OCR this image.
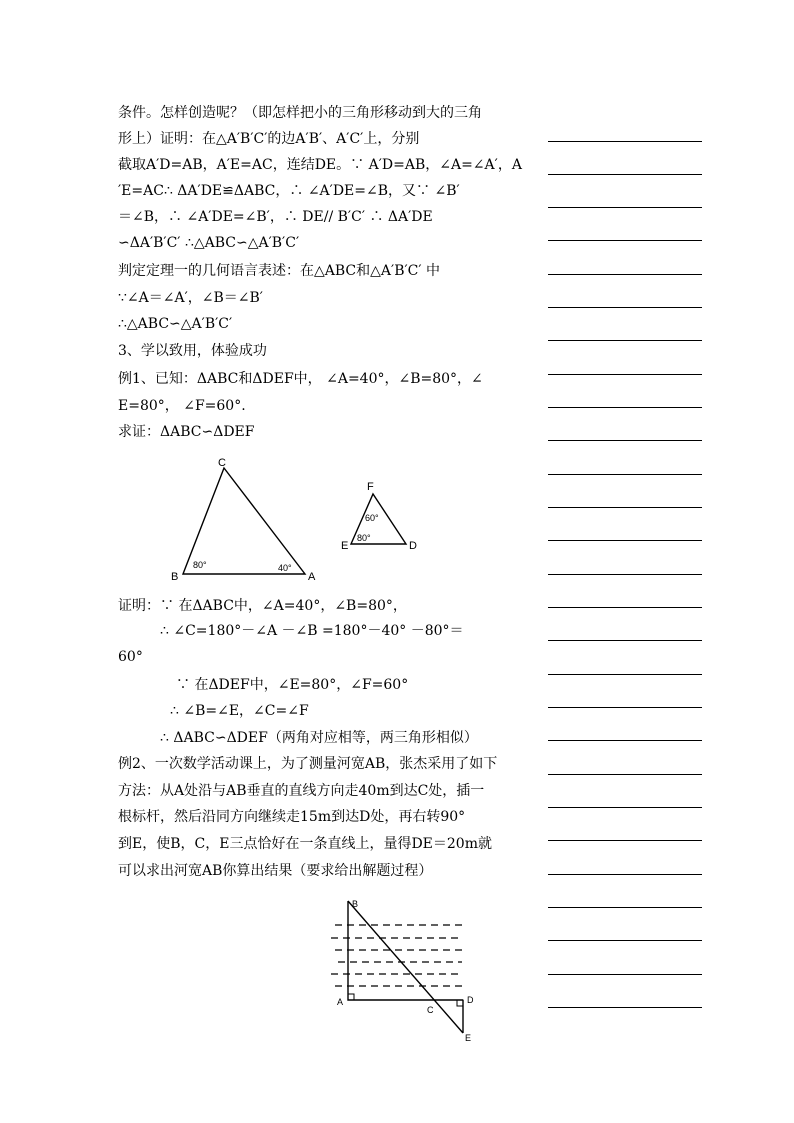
条件。怎样创造呢？（即怎样把小的三角形移动到大的三角
形上）证明：在△A′B′C′的边A′B′、A′C′上，分别
截取A′D=AB，A′E=AC，连结DE。∵ A′D=AB，∠A=∠A′，A
′E=AC∴ ΔA′DE≌ΔABC，∴ ∠A′DE=∠B，又∵ ∠B′
＝∠B，∴ ∠A′DE=∠B′，∴ DE// B′C′ ∴ ΔA′DE
∽ΔA′B′C′ ∴△ABC∽△A′B′C′
判定定理一的几何语言表述：在△ABC和△A′B′C′ 中
∵∠A＝∠A′，∠B＝∠B′
∴△ABC∽△A′B′C′
3、学以致用，体验成功
例1、已知：ΔABC和ΔDEF中， ∠A=40°，∠B=80°，∠
E=80°， ∠F=60°.
求证：ΔABC∽ΔDEF
C
B	A
80°	40°
F
E	D
60°
80°
证明：∵ 在ΔABC中，∠A=40°，∠B=80°，
∴ ∠C=180°－∠A －∠B =180°－40° －80°＝
60°
∵ 在ΔDEF中，∠E=80°，∠F=60°
∴ ∠B=∠E，∠C=∠F
∴ ΔABC∽ΔDEF（两角对应相等，两三角形相似）
例2、一次数学活动课上，为了测量河宽AB，张杰采用了如下
方法：从A处沿与AB垂直的直线方向走40m到达C处，插一
根标杆，然后沿同方向继续走15m到达D处，再右转90°
到E，使B，C，E三点恰好在一条直线上，量得DE＝20m就
可以求出河宽AB你算出结果（要求给出解题过程）
B
A
C
D
E
